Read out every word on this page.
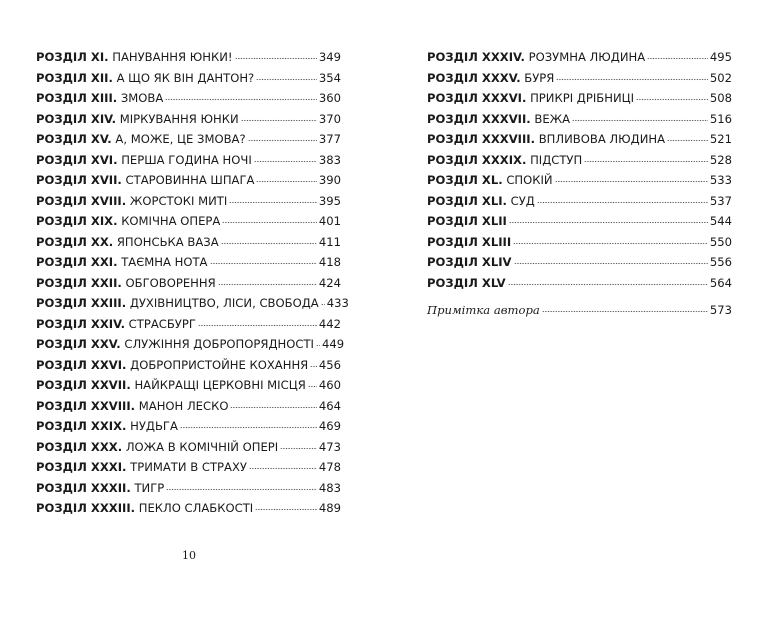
РОЗДІЛ XI. ПАНУВАННЯ ЮНКИ!	349
РОЗДІЛ XII. А ЩО ЯК ВІН ДАНТОН?	354
РОЗДІЛ XIII. ЗМОВА	360
РОЗДІЛ XIV. МІРКУВАННЯ ЮНКИ	370
РОЗДІЛ XV. А, МОЖЕ, ЦЕ ЗМОВА?	377
РОЗДІЛ XVI. ПЕРША ГОДИНА НОЧІ	383
РОЗДІЛ XVII. СТАРОВИННА ШПАГА	390
РОЗДІЛ XVIII. ЖОРСТОКІ МИТІ	395
РОЗДІЛ XIX. КОМІЧНА ОПЕРА	401
РОЗДІЛ XX. ЯПОНСЬКА ВАЗА	411
РОЗДІЛ XXI. ТАЄМНА НОТА	418
РОЗДІЛ XXII. ОБГОВОРЕННЯ	424
РОЗДІЛ XXIII. ДУХІВНИЦТВО, ЛІСИ, СВОБОДА 433
РОЗДІЛ XXIV. СТРАСБУРГ	442
РОЗДІЛ XXV. СЛУЖІННЯ ДОБРОПОРЯДНОСТІ 449
РОЗДІЛ XXVI. ДОБРОПРИСТОЙНЕ КОХАННЯ 456
РОЗДІЛ XXVII. НАЙКРАЩІ ЦЕРКОВНІ МІСЦЯ 460
РОЗДІЛ XXVIII. МАНОН ЛЕСКО	464
РОЗДІЛ XXIX. НУДЬГА	469
РОЗДІЛ XXX. ЛОЖА В КОМІЧНІЙ ОПЕРІ	473
РОЗДІЛ XXXI. ТРИМАТИ В СТРАХУ	478
РОЗДІЛ XXXII. ТИГР	483
РОЗДІЛ XXXIII. ПЕКЛО СЛАБКОСТІ	489
РОЗДІЛ XXXIV. РОЗУМНА ЛЮДИНА	495
РОЗДІЛ XXXV. БУРЯ	502
РОЗДІЛ XXXVI. ПРИКРІ ДРІБНИЦІ	508
РОЗДІЛ XXXVII. ВЕЖА	516
РОЗДІЛ XXXVIII. ВПЛИВОВА ЛЮДИНА	521
РОЗДІЛ XXXIX. ПІДСТУП	528
РОЗДІЛ XL. СПОКІЙ	533
РОЗДІЛ XLI. СУД	537
РОЗДІЛ XLII	544
РОЗДІЛ XLIII	550
РОЗДІЛ XLIV	556
РОЗДІЛ XLV	564
Примітка автора	573
10
